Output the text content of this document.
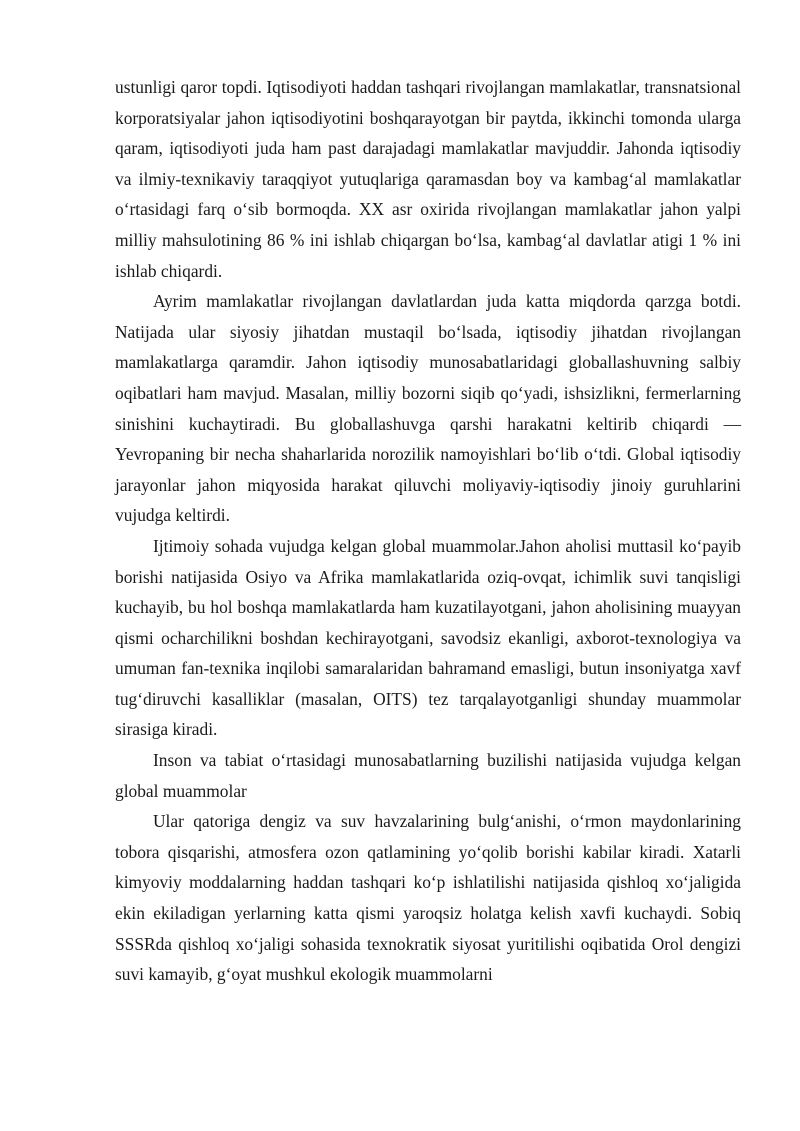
ustunligi qaror topdi. Iqtisodiyoti haddan tashqari rivojlangan mamlakatlar, transnatsional korporatsiyalar jahon iqtisodiyotini boshqarayotgan bir paytda, ikkinchi tomonda ularga qaram, iqtisodiyoti juda ham past darajadagi mamlakatlar mavjuddir. Jahonda iqtisodiy va ilmiy-texnikaviy taraqqiyot yutuqlariga qaramasdan boy va kambag‘al mamlakatlar o‘rtasidagi farq o‘sib bormoqda. XX asr oxirida rivojlangan mamlakatlar jahon yalpi milliy mahsulotining 86 % ini ishlab chiqargan bo‘lsa, kambag‘al davlatlar atigi 1 % ini ishlab chiqardi.

Ayrim mamlakatlar rivojlangan davlatlardan juda katta miqdorda qarzga botdi. Natijada ular siyosiy jihatdan mustaqil bo‘lsada, iqtisodiy jihatdan rivojlangan mamlakatlarga qaramdir. Jahon iqtisodiy munosabatlaridagi globallashuvning salbiy oqibatlari ham mavjud. Masalan, milliy bozorni siqib qo‘yadi, ishsizlikni, fermerlarning sinishini kuchaytiradi. Bu globallashuvga qarshi harakatni keltirib chiqardi — Yevropaning bir necha shaharlarida norozilik namoyishlari bo‘lib o‘tdi. Global iqtisodiy jarayonlar jahon miqyosida harakat qiluvchi moliyaviy-iqtisodiy jinoiy guruhlarini vujudga keltirdi.

Ijtimoiy sohada vujudga kelgan global muammolar.Jahon aholisi muttasil ko‘payib borishi natijasida Osiyo va Afrika mamlakatlarida oziq-ovqat, ichimlik suvi tanqisligi kuchayib, bu hol boshqa mamlakatlarda ham kuzatilayotgani, jahon aholisining muayyan qismi ocharchilikni boshdan kechirayotgani, savodsiz ekanligi, axborot-texnologiya va umuman fan-texnika inqilobi samaralaridan bahramand emasligi, butun insoniyatga xavf tug‘diruvchi kasalliklar (masalan, OITS) tez tarqalayotganligi shunday muammolar sirasiga kiradi.

Inson va tabiat o‘rtasidagi munosabatlarning buzilishi natijasida vujudga kelgan global muammolar

Ular qatoriga dengiz va suv havzalarining bulg‘anishi, o‘rmon maydonlarining tobora qisqarishi, atmosfera ozon qatlamining yo‘qolib borishi kabilar kiradi. Xatarli kimyoviy moddalarning haddan tashqari ko‘p ishlatilishi natijasida qishloq xo‘jaligida ekin ekiladigan yerlarning katta qismi yaroqsiz holatga kelish xavfi kuchaydi. Sobiq SSSRda qishloq xo‘jaligi sohasida texnokratik siyosat yuritilishi oqibatida Orol dengizi suvi kamayib, g‘oyat mushkul ekologik muammolarni
